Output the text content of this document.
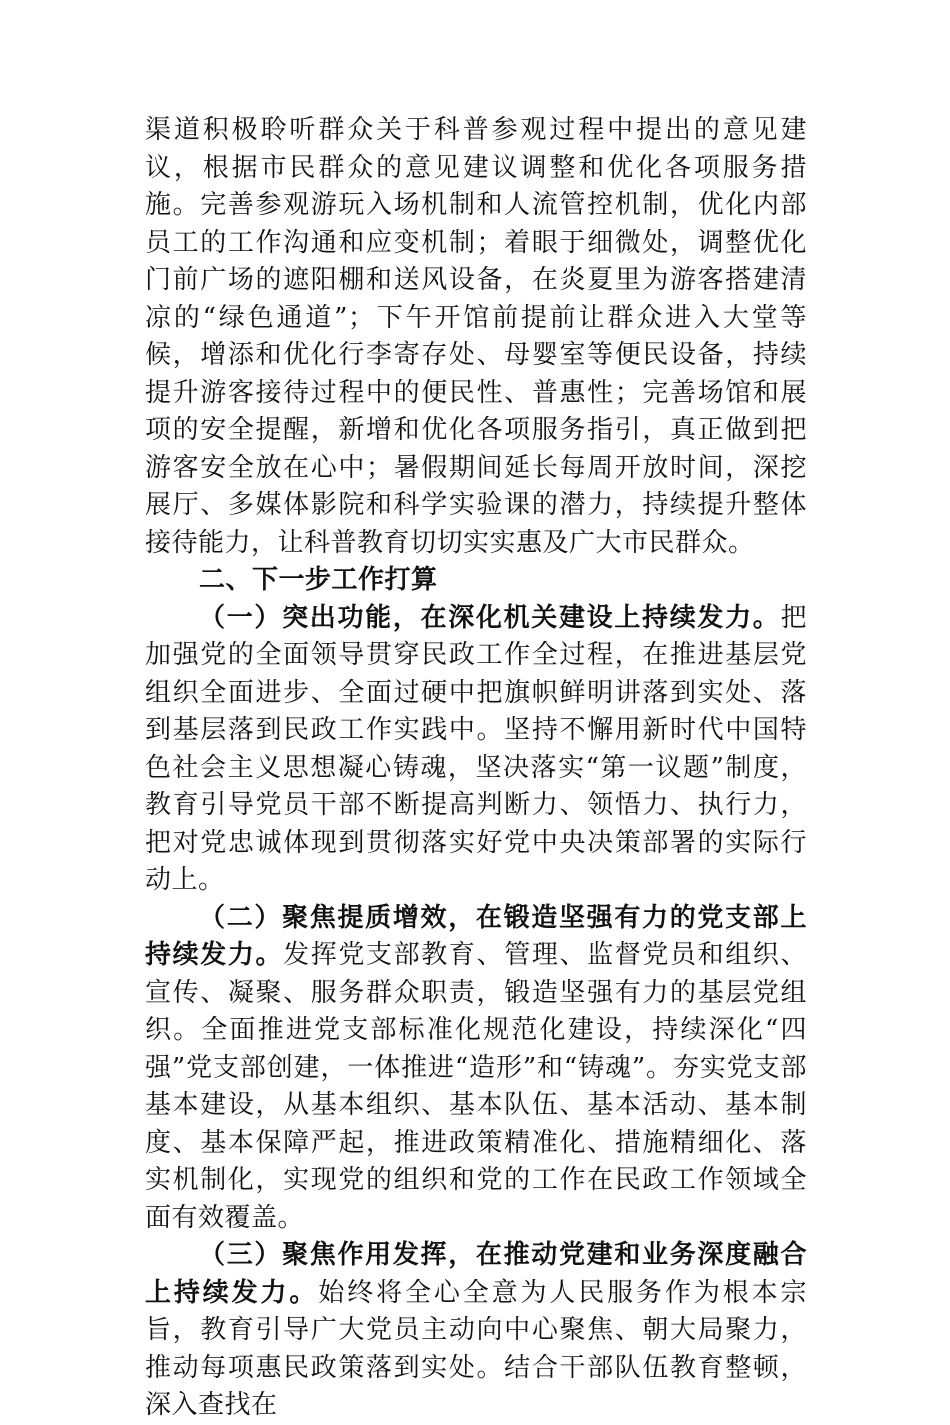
渠道积极聆听群众关于科普参观过程中提出的意见建议，根据市民群众的意见建议调整和优化各项服务措施。完善参观游玩入场机制和人流管控机制，优化内部员工的工作沟通和应变机制；着眼于细微处，调整优化门前广场的遮阳棚和送风设备，在炎夏里为游客搭建清凉的“绿色通道”；下午开馆前提前让群众进入大堂等候，增添和优化行李寄存处、母婴室等便民设备，持续提升游客接待过程中的便民性、普惠性；完善场馆和展项的安全提醒，新增和优化各项服务指引，真正做到把游客安全放在心中；暑假期间延长每周开放时间，深挖展厅、多媒体影院和科学实验课的潜力，持续提升整体接待能力，让科普教育切切实实惠及广大市民群众。

二、下一步工作打算

（一）突出功能，在深化机关建设上持续发力。把加强党的全面领导贯穿民政工作全过程，在推进基层党组织全面进步、全面过硬中把旗帜鲜明讲落到实处、落到基层落到民政工作实践中。坚持不懈用新时代中国特色社会主义思想凝心铸魂，坚决落实“第一议题”制度，教育引导党员干部不断提高判断力、领悟力、执行力，把对党忠诚体现到贯彻落实好党中央决策部署的实际行动上。

（二）聚焦提质增效，在锻造坚强有力的党支部上持续发力。发挥党支部教育、管理、监督党员和组织、宣传、凝聚、服务群众职责，锻造坚强有力的基层党组织。全面推进党支部标准化规范化建设，持续深化“四强”党支部创建，一体推进“造形”和“铸魂”。夯实党支部基本建设，从基本组织、基本队伍、基本活动、基本制度、基本保障严起，推进政策精准化、措施精细化、落实机制化，实现党的组织和党的工作在民政工作领域全面有效覆盖。

（三）聚焦作用发挥，在推动党建和业务深度融合上持续发力。始终将全心全意为人民服务作为根本宗旨，教育引导广大党员主动向中心聚焦、朝大局聚力，推动每项惠民政策落到实处。结合干部队伍教育整顿，深入查找在
